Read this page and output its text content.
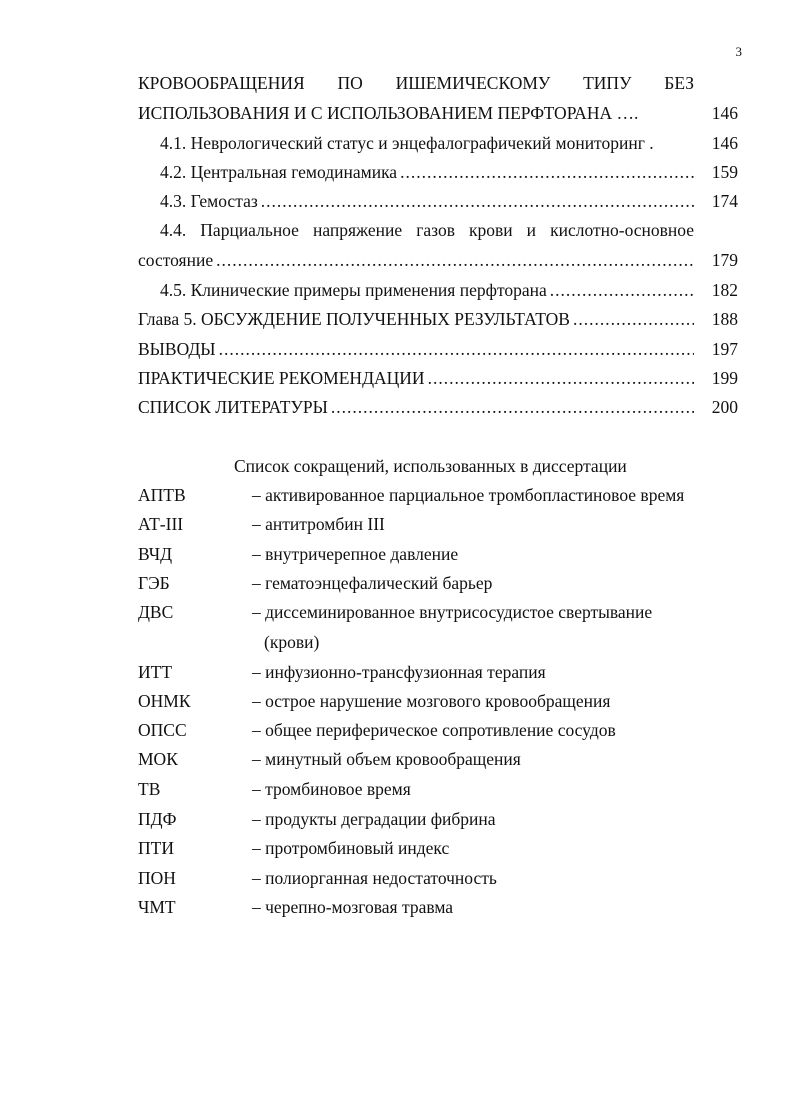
3
КРОВООБРАЩЕНИЯ ПО ИШЕМИЧЕСКОМУ ТИПУ БЕЗ
ИСПОЛЬЗОВАНИЯ И С ИСПОЛЬЗОВАНИЕМ ПЕРФТОРАНА ….	146
4.1. Неврологический статус и энцефалографичекий мониторинг .	146
4.2. Центральная гемодинамика .....	159
4.3. Гемостаз .....	174
4.4. Парциальное напряжение газов крови и кислотно-основное
состояние .....	179
4.5. Клинические примеры применения перфторана .....	182
Глава 5. ОБСУЖДЕНИЕ ПОЛУЧЕННЫХ РЕЗУЛЬТАТОВ .....	188
ВЫВОДЫ .....	197
ПРАКТИЧЕСКИЕ РЕКОМЕНДАЦИИ .....	199
СПИСОК ЛИТЕРАТУРЫ .....	200
Список сокращений, использованных в диссертации
АПТВ	– активированное парциальное тромбопластиновое время
АТ-III	– антитромбин III
ВЧД	– внутричерепное давление
ГЭБ	– гематоэнцефалический барьер
ДВС	– диссеминированное внутрисосудистое свертывание
(крови)
ИТТ	– инфузионно-трансфузионная терапия
ОНМК	– острое нарушение мозгового кровообращения
ОПСС	– общее периферическое сопротивление сосудов
МОК	– минутный объем кровообращения
ТВ	– тромбиновое время
ПДФ	– продукты деградации фибрина
ПТИ	– протромбиновый индекс
ПОН	– полиорганная недостаточность
ЧМТ	– черепно-мозговая травма
